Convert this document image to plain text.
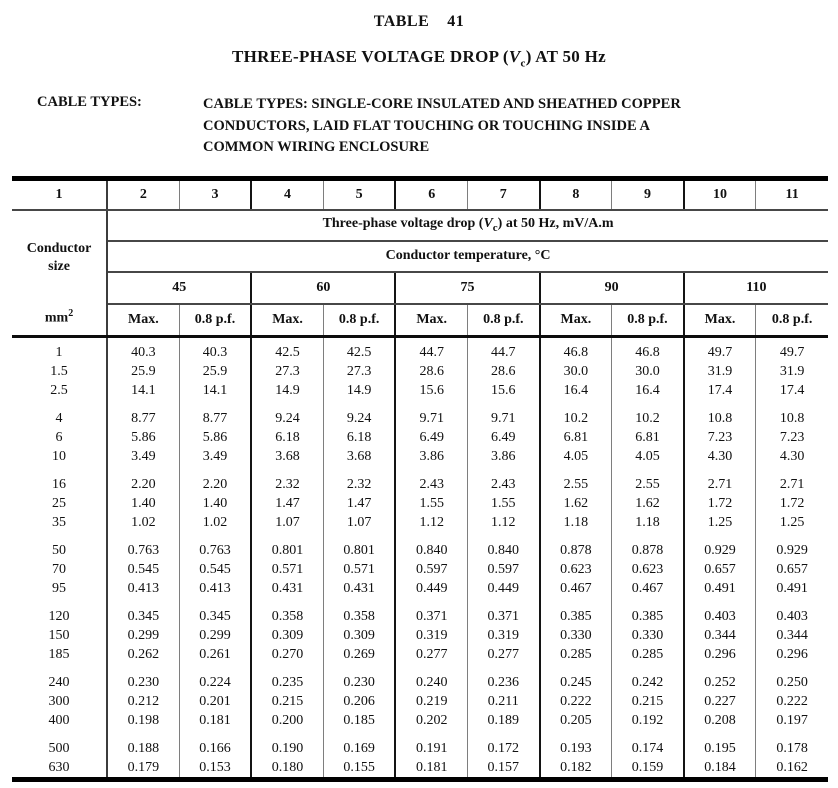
TABLE 41
THREE-PHASE VOLTAGE DROP $(V_c)$ AT 50 Hz
CABLE TYPES:	CABLE TYPES: SINGLE-CORE INSULATED AND SHEATHED COPPER
CONDUCTORS, LAID FLAT TOUCHING OR TOUCHING INSIDE A
COMMON WIRING ENCLOSURE
1	2	3	4	5	6	7	8	9	10	11

Conductor
size
$mm^2$	Three-phase voltage drop $(V_c)$ at 50 Hz, mV/A.m									
	Conductor temperature, °C									
	45		60		75		90		110	
	Max.	0.8 p.f.	Max.	0.8 p.f.	Max.	0.8 p.f.	Max.	0.8 p.f.	Max.	0.8 p.f.
1	40.3	40.3	42.5	42.5	44.7	44.7	46.8	46.8	49.7	49.7
1.5	25.9	25.9	27.3	27.3	28.6	28.6	30.0	30.0	31.9	31.9
2.5	14.1	14.1	14.9	14.9	15.6	15.6	16.4	16.4	17.4	17.4
4	8.77	8.77	9.24	9.24	9.71	9.71	10.2	10.2	10.8	10.8
6	5.86	5.86	6.18	6.18	6.49	6.49	6.81	6.81	7.23	7.23
10	3.49	3.49	3.68	3.68	3.86	3.86	4.05	4.05	4.30	4.30
16	2.20	2.20	2.32	2.32	2.43	2.43	2.55	2.55	2.71	2.71
25	1.40	1.40	1.47	1.47	1.55	1.55	1.62	1.62	1.72	1.72
35	1.02	1.02	1.07	1.07	1.12	1.12	1.18	1.18	1.25	1.25
50	0.763	0.763	0.801	0.801	0.840	0.840	0.878	0.878	0.929	0.929
70	0.545	0.545	0.571	0.571	0.597	0.597	0.623	0.623	0.657	0.657
95	0.413	0.413	0.431	0.431	0.449	0.449	0.467	0.467	0.491	0.491
120	0.345	0.345	0.358	0.358	0.371	0.371	0.385	0.385	0.403	0.403
150	0.299	0.299	0.309	0.309	0.319	0.319	0.330	0.330	0.344	0.344
185	0.262	0.261	0.270	0.269	0.277	0.277	0.285	0.285	0.296	0.296
240	0.230	0.224	0.235	0.230	0.240	0.236	0.245	0.242	0.252	0.250
300	0.212	0.201	0.215	0.206	0.219	0.211	0.222	0.215	0.227	0.222
400	0.198	0.181	0.200	0.185	0.202	0.189	0.205	0.192	0.208	0.197
500	0.188	0.166	0.190	0.169	0.191	0.172	0.193	0.174	0.195	0.178
630	0.179	0.153	0.180	0.155	0.181	0.157	0.182	0.159	0.184	0.162
